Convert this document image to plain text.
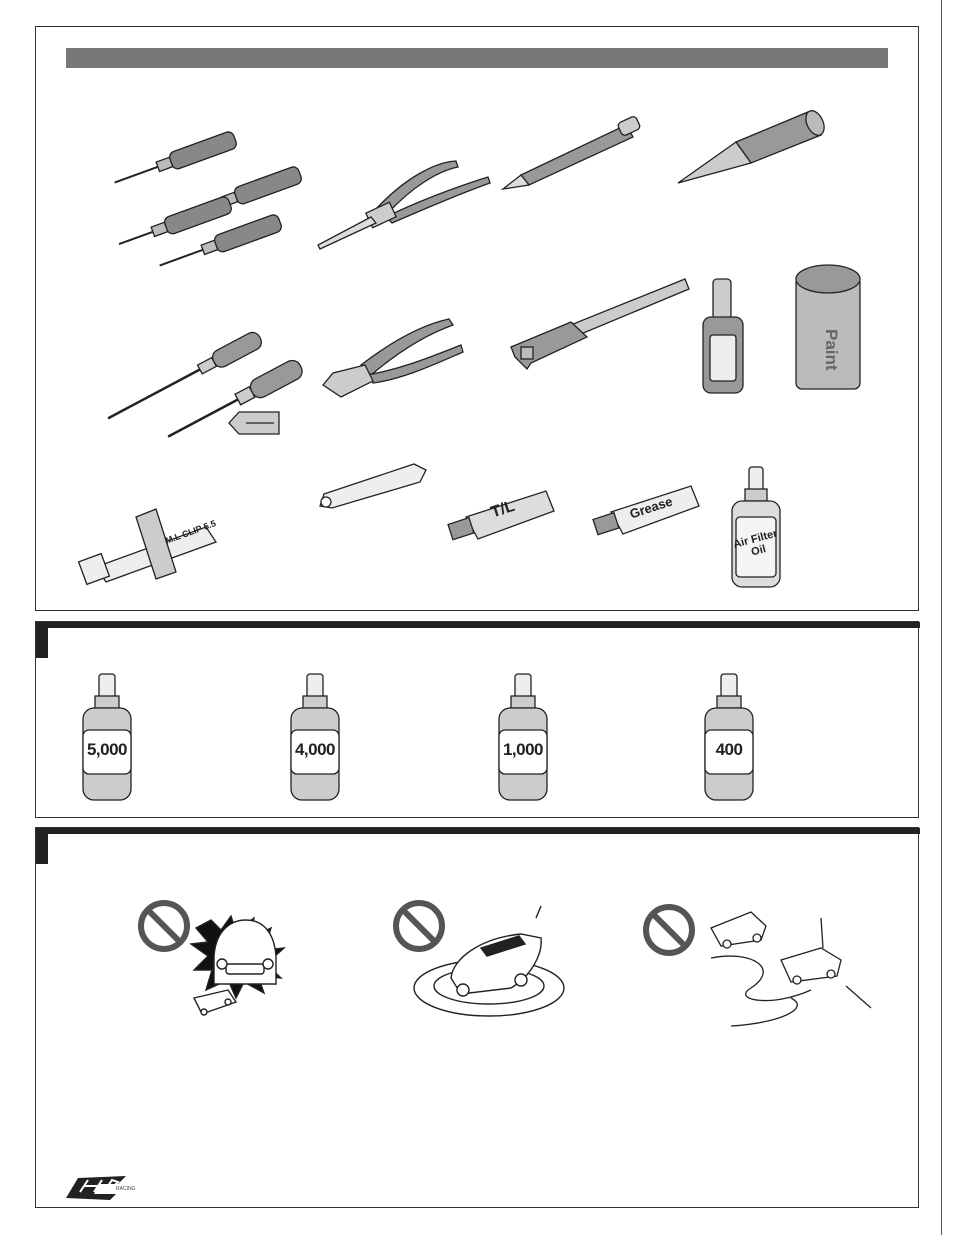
Paint
M.L CLIP 5.5
T/L	Grease
Air Filter Oil
5,000	4,000	1,000	400
RACING
